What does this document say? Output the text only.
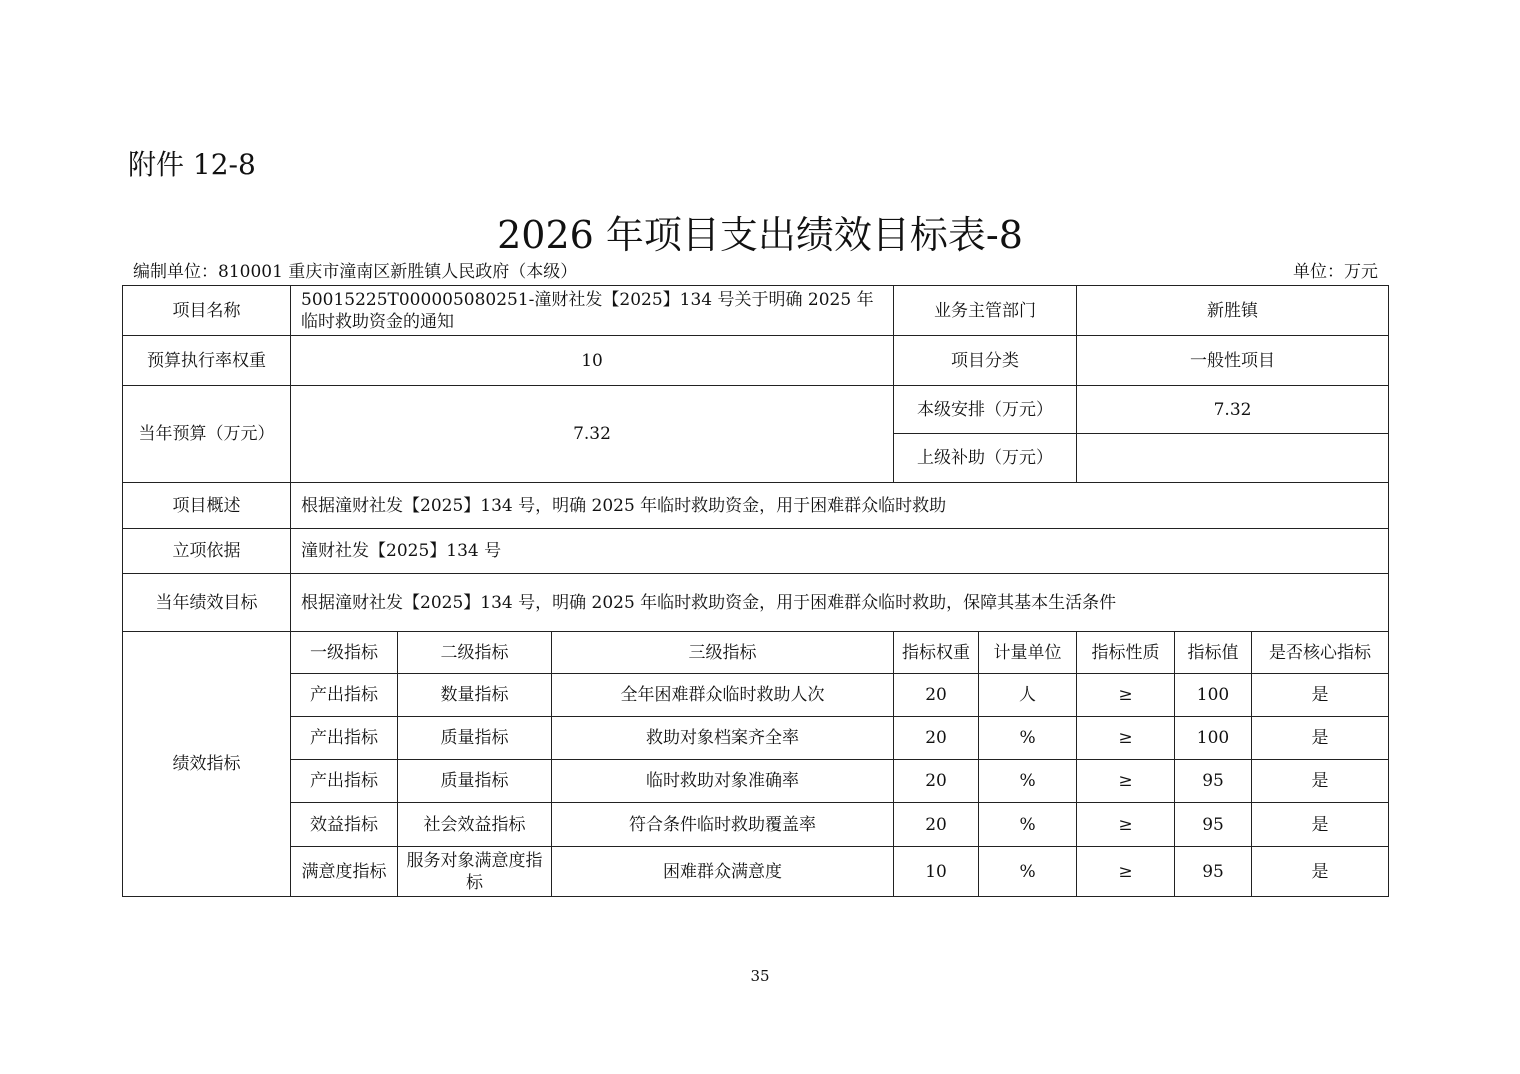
附件 12-8
2026 年项目支出绩效目标表-8
编制单位：810001 重庆市潼南区新胜镇人民政府（本级）	单位：万元
项目名称	50015225T000005080251-潼财社发【2025】134 号关于明确 2025 年临时救助资金的通知			业务主管部门		新胜镇		
预算执行率权重	10			项目分类		一般性项目		
当年预算（万元）	7.32			本级安排（万元）		7.32		
				上级补助（万元）				
项目概述	根据潼财社发【2025】134 号，明确 2025 年临时救助资金，用于困难群众临时救助							
立项依据	潼财社发【2025】134 号							
当年绩效目标	根据潼财社发【2025】134 号，明确 2025 年临时救助资金，用于困难群众临时救助，保障其基本生活条件							
绩效指标	一级指标	二级指标	三级指标	指标权重	计量单位	指标性质	指标值	是否核心指标
	产出指标	数量指标	全年困难群众临时救助人次	20	人	≥	100	是
	产出指标	质量指标	救助对象档案齐全率	20	%	≥	100	是
	产出指标	质量指标	临时救助对象准确率	20	%	≥	95	是
	效益指标	社会效益指标	符合条件临时救助覆盖率	20	%	≥	95	是
	满意度指标	服务对象满意度指标	困难群众满意度	10	%	≥	95	是
35
